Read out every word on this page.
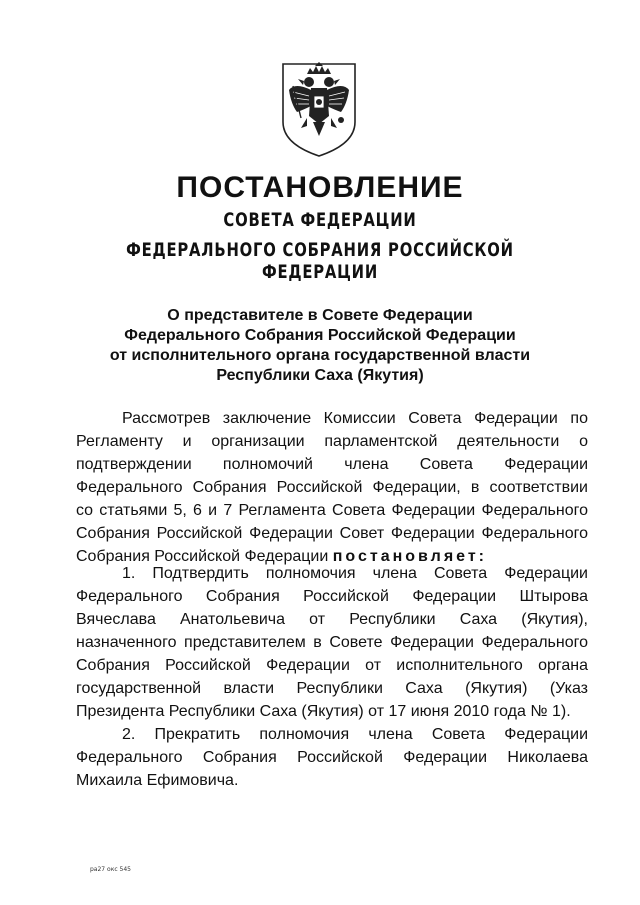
ПОСТАНОВЛЕНИЕ
СОВЕТА ФЕДЕРАЦИИ
ФЕДЕРАЛЬНОГО СОБРАНИЯ РОССИЙСКОЙ ФЕДЕРАЦИИ
О представителе в Совете Федерации
Федерального Собрания Российской Федерации
от исполнительного органа государственной власти
Республики Саха (Якутия)
Рассмотрев заключение Комиссии Совета Федерации по
Регламенту и организации парламентской деятельности о
подтверждении полномочий члена Совета Федерации
Федерального Собрания Российской Федерации, в соответствии
со статьями 5, 6 и 7 Регламента Совета Федерации Федерального
Собрания Российской Федерации Совет Федерации Федерального
Собрания Российской Федерации постановляет:
1. Подтвердить полномочия члена Совета Федерации
Федерального Собрания Российской Федерации Штырова
Вячеслава Анатольевича от Республики Саха (Якутия),
назначенного представителем в Совете Федерации Федерального
Собрания Российской Федерации от исполнительного органа
государственной власти Республики Саха (Якутия) (Указ
Президента Республики Саха (Якутия) от 17 июня 2010 года № 1).
2. Прекратить полномочия члена Совета Федерации
Федерального Собрания Российской Федерации Николаева
Михаила Ефимовича.
ра27 окс 545
